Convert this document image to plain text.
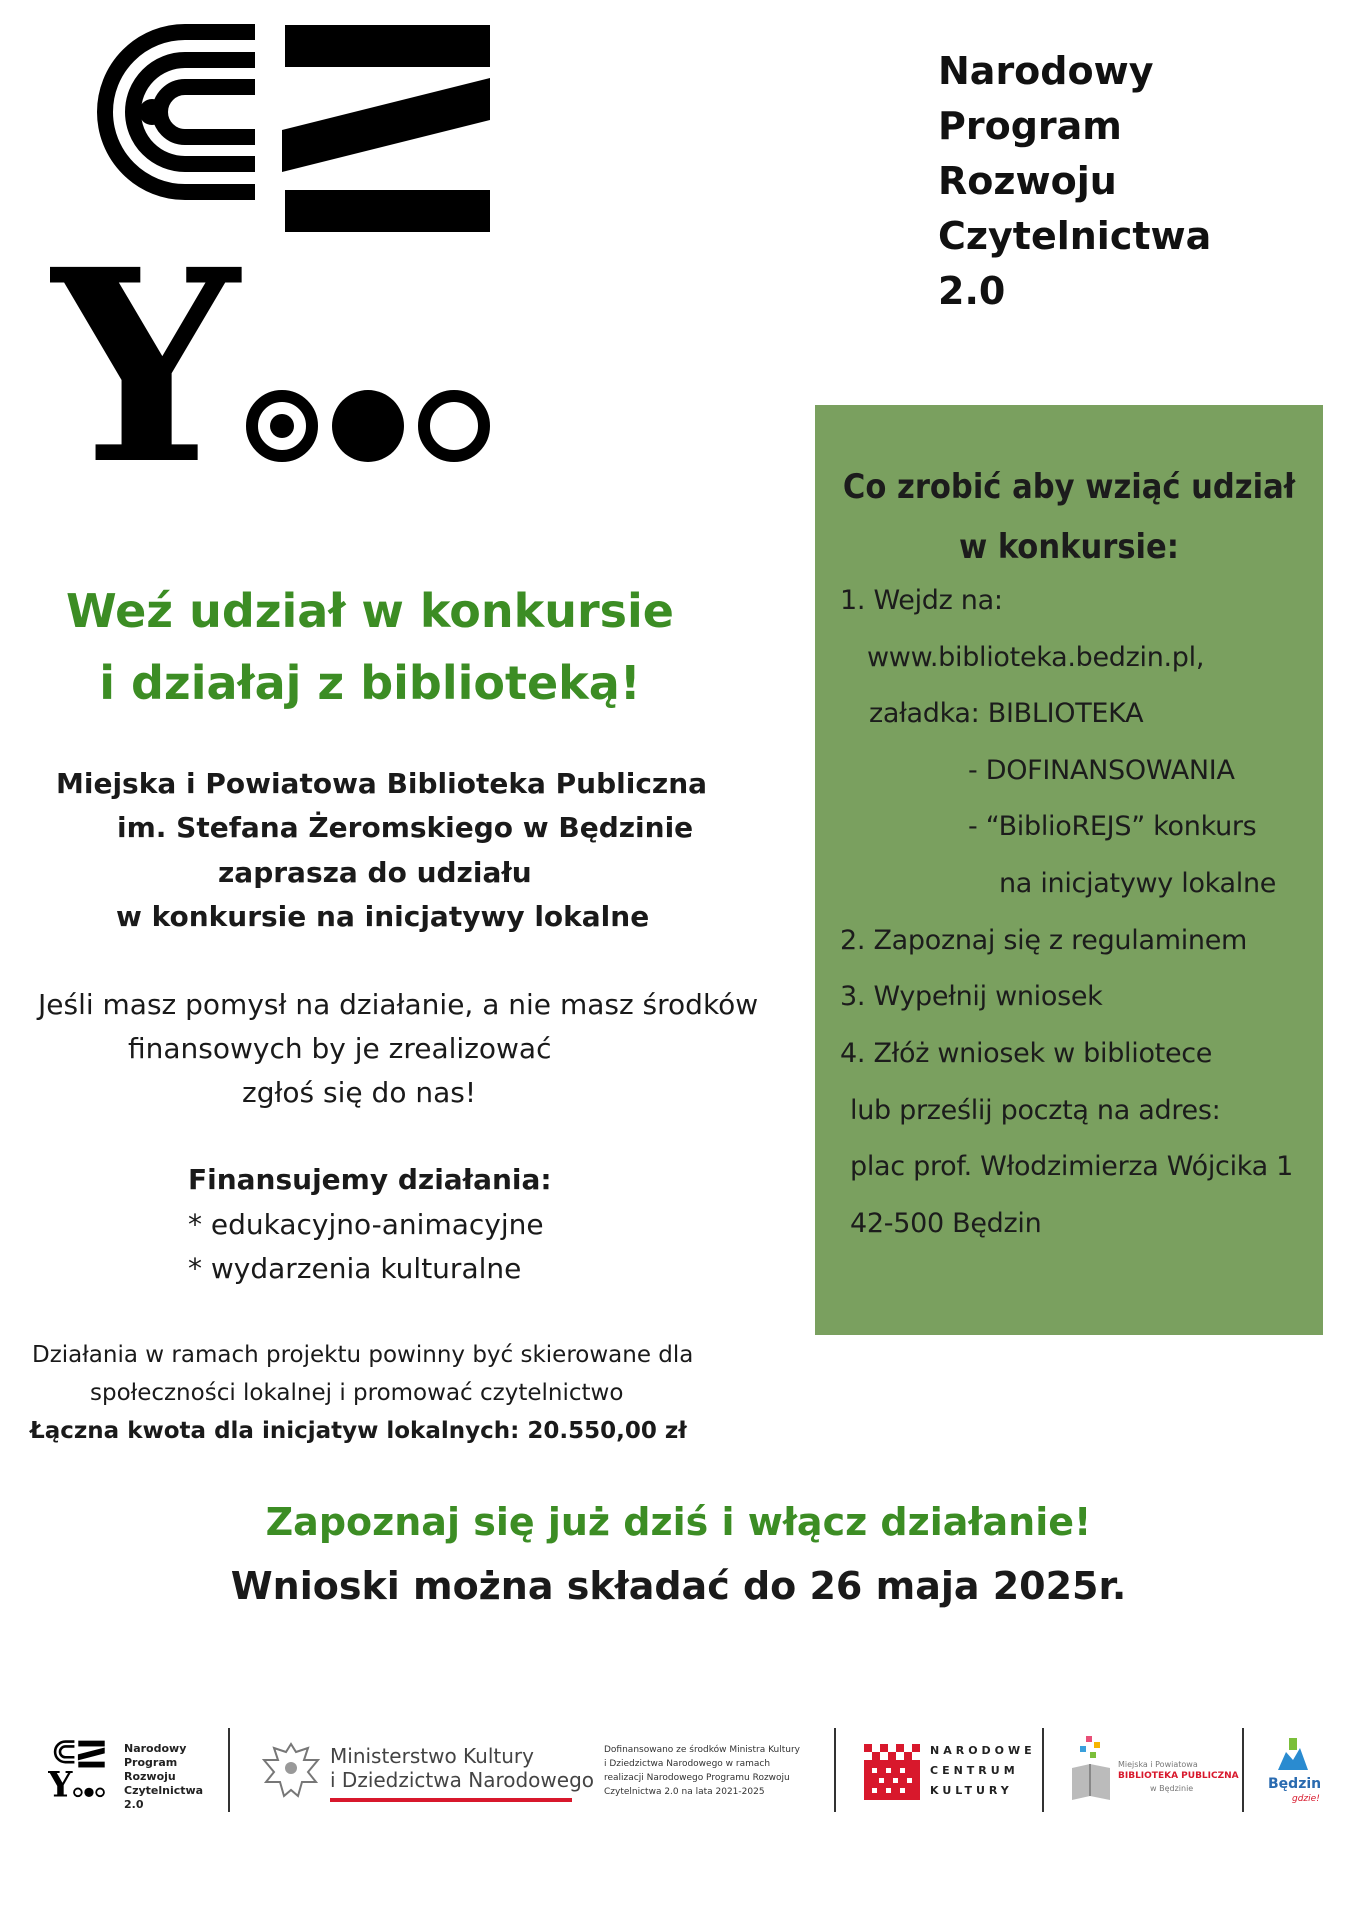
Y
Narodowy
Program
Rozwoju
Czytelnictwa
2.0
Co zrobić aby wziąć udział
w konkursie:
1. Wejdz na:
www.biblioteka.bedzin.pl,
załadka: BIBLIOTEKA
- DOFINANSOWANIA
- “BiblioREJS” konkurs
na inicjatywy lokalne
2. Zapoznaj się z regulaminem
3. Wypełnij wniosek
4. Złóż wniosek w bibliotece
lub prześlij pocztą na adres:
plac prof. Włodzimierza Wójcika 1
42-500 Będzin
Weź udział w konkursie
i działaj z biblioteką!
Miejska i Powiatowa Biblioteka Publiczna
im. Stefana Żeromskiego w Będzinie
zaprasza do udziału
w konkursie na inicjatywy lokalne
Jeśli masz pomysł na działanie, a nie masz środków
finansowych by je zrealizować
zgłoś się do nas!
Finansujemy działania:
* edukacyjno-animacyjne
* wydarzenia kulturalne
Działania w ramach projektu powinny być skierowane dla
społeczności lokalnej i promować czytelnictwo
Łączna kwota dla inicjatyw lokalnych: 20.550,00 zł
Zapoznaj się już dziś i włącz działanie!
Wnioski można składać do 26 maja 2025r.
Y
Narodowy
Program
Rozwoju
Czytelnictwa
2.0
Ministerstwo Kultury
i Dziedzictwa Narodowego
Dofinansowano ze środków Ministra Kultury
i Dziedzictwa Narodowego w ramach
realizacji Narodowego Programu Rozwoju
Czytelnictwa 2.0 na lata 2021-2025
NARODOWE
CENTRUM
KULTURY
Miejska i Powiatowa
BIBLIOTEKA PUBLICZNA
w Będzinie	Będzin
gdzie!
